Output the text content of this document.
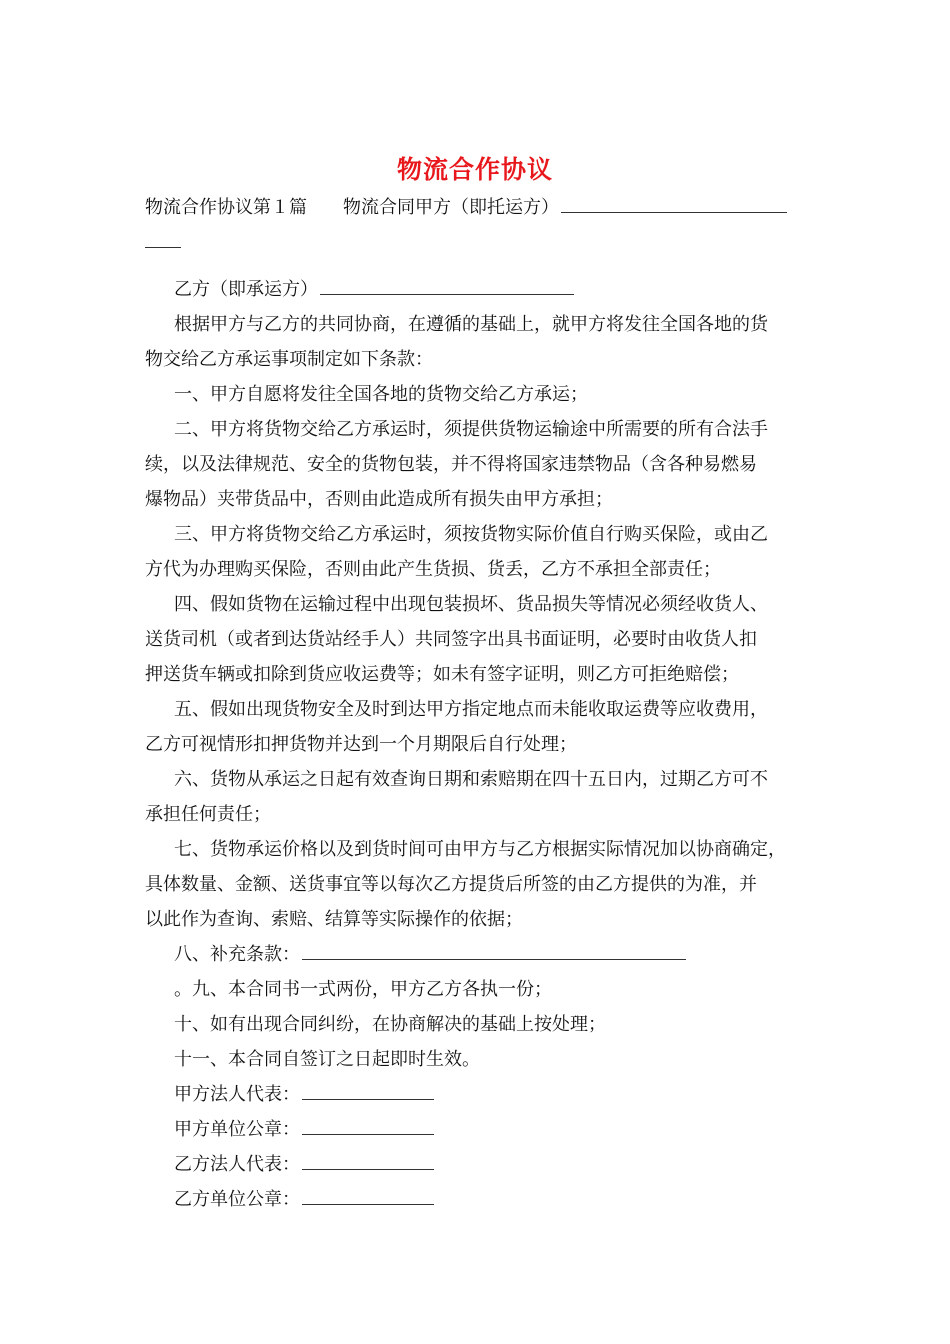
物流合作协议
物流合作协议第１篇　　物流合同甲方（即托运方）
乙方（即承运方）
根据甲方与乙方的共同协商，在遵循的基础上，就甲方将发往全国各地的货
物交给乙方承运事项制定如下条款：
一、甲方自愿将发往全国各地的货物交给乙方承运；
二、甲方将货物交给乙方承运时，须提供货物运输途中所需要的所有合法手
续，以及法律规范、安全的货物包装，并不得将国家违禁物品（含各种易燃易
爆物品）夹带货品中，否则由此造成所有损失由甲方承担；
三、甲方将货物交给乙方承运时，须按货物实际价值自行购买保险，或由乙
方代为办理购买保险，否则由此产生货损、货丢，乙方不承担全部责任；
四、假如货物在运输过程中出现包装损坏、货品损失等情况必须经收货人、
送货司机（或者到达货站经手人）共同签字出具书面证明，必要时由收货人扣
押送货车辆或扣除到货应收运费等；如未有签字证明，则乙方可拒绝赔偿；
五、假如出现货物安全及时到达甲方指定地点而未能收取运费等应收费用，
乙方可视情形扣押货物并达到一个月期限后自行处理；
六、货物从承运之日起有效查询日期和索赔期在四十五日内，过期乙方可不
承担任何责任；
七、货物承运价格以及到货时间可由甲方与乙方根据实际情况加以协商确定，
具体数量、金额、送货事宜等以每次乙方提货后所签的由乙方提供的为准，并
以此作为查询、索赔、结算等实际操作的依据；
八、补充条款：
。九、本合同书一式两份，甲方乙方各执一份；
十、如有出现合同纠纷，在协商解决的基础上按处理；
十一、本合同自签订之日起即时生效。
甲方法人代表：
甲方单位公章：
乙方法人代表：
乙方单位公章：
